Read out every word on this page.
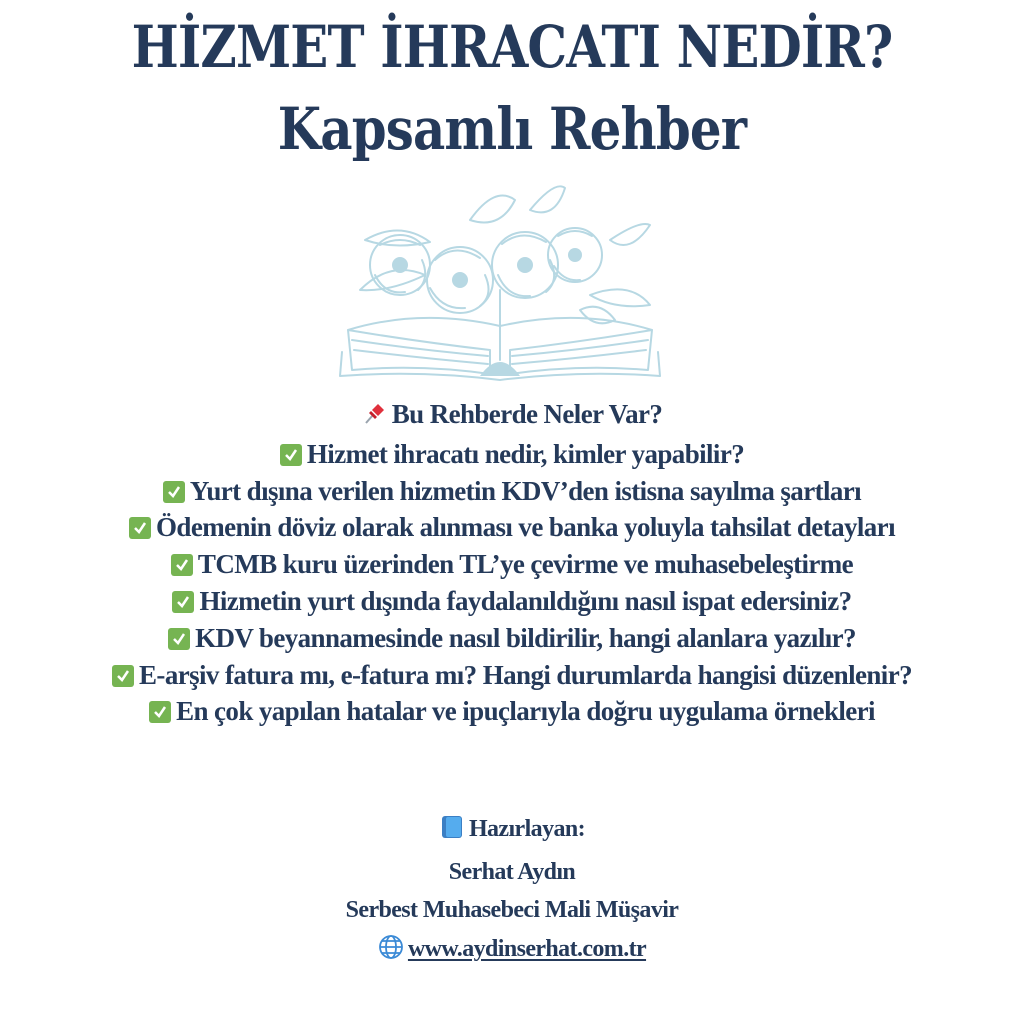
HİZMET İHRACATI NEDİR?
Kapsamlı Rehber
Bu Rehberde Neler Var?
Hizmet ihracatı nedir, kimler yapabilir?
Yurt dışına verilen hizmetin KDV’den istisna sayılma şartları
Ödemenin döviz olarak alınması ve banka yoluyla tahsilat detayları
TCMB kuru üzerinden TL’ye çevirme ve muhasebeleştirme
Hizmetin yurt dışında faydalanıldığını nasıl ispat edersiniz?
KDV beyannamesinde nasıl bildirilir, hangi alanlara yazılır?
E-arşiv fatura mı, e-fatura mı? Hangi durumlarda hangisi düzenlenir?
En çok yapılan hatalar ve ipuçlarıyla doğru uygulama örnekleri
Hazırlayan:
Serhat Aydın
Serbest Muhasebeci Mali Müşavir
www.aydinserhat.com.tr
